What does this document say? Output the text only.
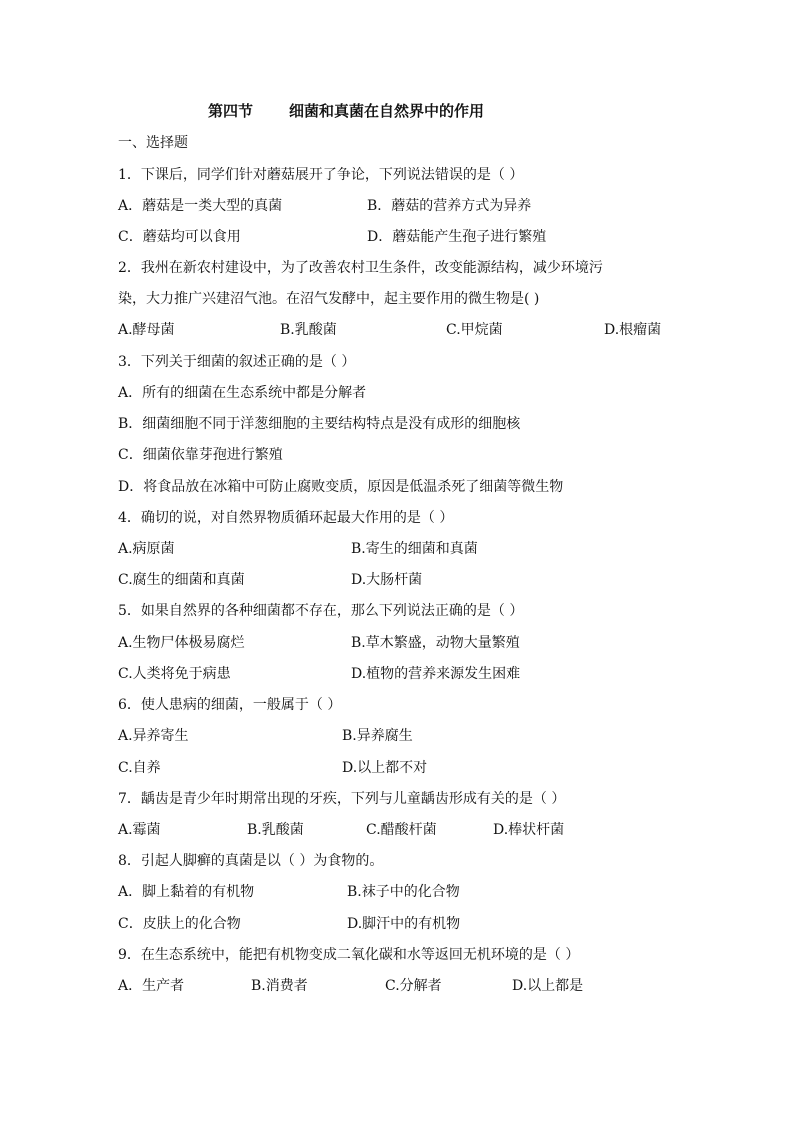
第四节 细菌和真菌在自然界中的作用
一、选择题
1．下课后，同学们针对蘑菇展开了争论，下列说法错误的是（ ）
A．蘑菇是一类大型的真菌	B．蘑菇的营养方式为异养
C．蘑菇均可以食用	D．蘑菇能产生孢子进行繁殖
2．我州在新农村建设中，为了改善农村卫生条件，改变能源结构，减少环境污
染，大力推广兴建沼气池。在沼气发酵中，起主要作用的微生物是( )
A.酵母菌	B.乳酸菌	C.甲烷菌	D.根瘤菌
3．下列关于细菌的叙述正确的是（ ）
A．所有的细菌在生态系统中都是分解者
B．细菌细胞不同于洋葱细胞的主要结构特点是没有成形的细胞核
C．细菌依靠芽孢进行繁殖
D．将食品放在冰箱中可防止腐败变质，原因是低温杀死了细菌等微生物
4．确切的说，对自然界物质循环起最大作用的是（ ）
A.病原菌	B.寄生的细菌和真菌
C.腐生的细菌和真菌	D.大肠杆菌
5．如果自然界的各种细菌都不存在，那么下列说法正确的是（ ）
A.生物尸体极易腐烂	B.草木繁盛，动物大量繁殖
C.人类将免于病患	D.植物的营养来源发生困难
6．使人患病的细菌，一般属于（ ）
A.异养寄生	B.异养腐生
C.自养	D.以上都不对
7．龋齿是青少年时期常出现的牙疾，下列与儿童龋齿形成有关的是（ ）
A.霉菌	B.乳酸菌	C.醋酸杆菌	D.棒状杆菌
8．引起人脚癣的真菌是以（ ）为食物的。
A．脚上黏着的有机物	B.袜子中的化合物
C．皮肤上的化合物	D.脚汗中的有机物
9．在生态系统中，能把有机物变成二氧化碳和水等返回无机环境的是（ ）
A．生产者	B.消费者	C.分解者	D.以上都是
